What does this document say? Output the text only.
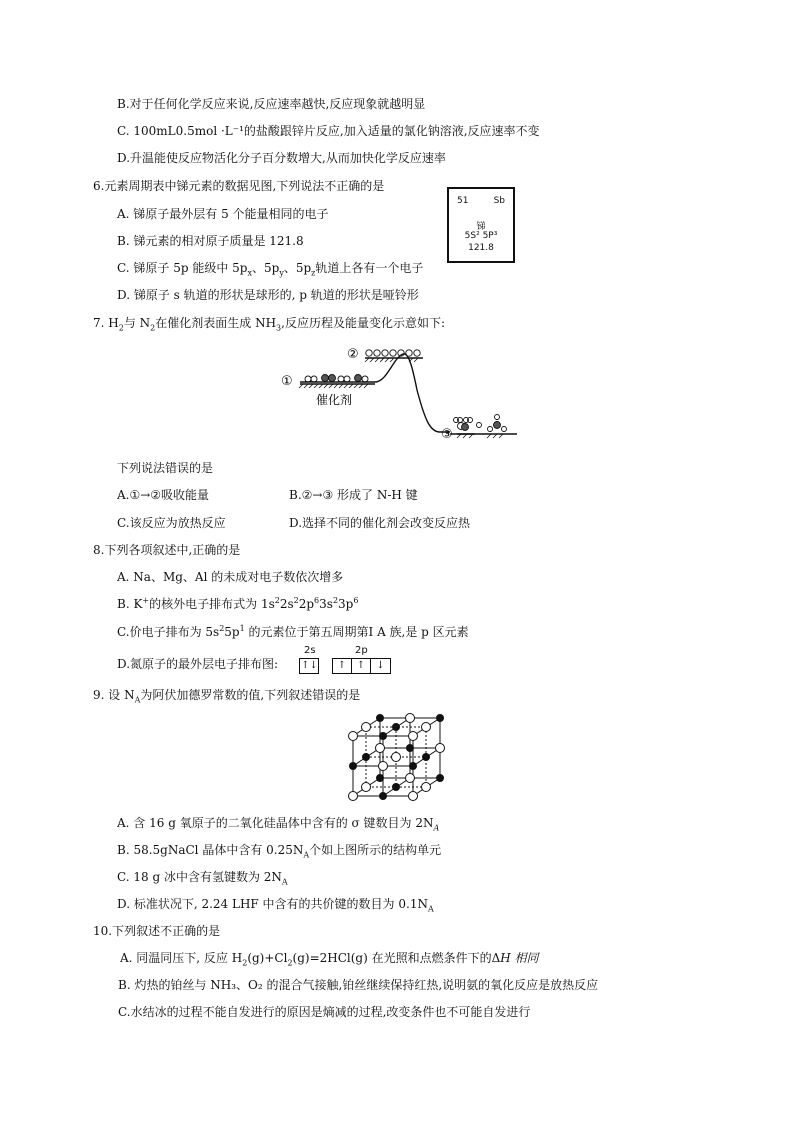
B.对于任何化学反应来说,反应速率越快,反应现象就越明显
C. 100mL0.5mol ·L⁻¹的盐酸跟锌片反应,加入适量的氯化钠溶液,反应速率不变
D.升温能使反应物活化分子百分数增大,从而加快化学反应速率
6.元素周期表中锑元素的数据见图,下列说法不正确的是
A. 锑原子最外层有 5 个能量相同的电子
B. 锑元素的相对原子质量是 121.8
C. 锑原子 5p 能级中 $5p_x$、$5p_y$、$5p_z$轨道上各有一个电子
D. 锑原子 s 轨道的形状是球形的, p 轨道的形状是哑铃形
51	Sb
锑
5S² 5P³
121.8
7. $H_2$与 $N_2$在催化剂表面生成 $NH_3$,反应历程及能量变化示意如下:
①
②
③
催化剂
下列说法错误的是
A.①→②吸收能量	B.②→③ 形成了 N-H 键
C.该反应为放热反应	D.选择不同的催化剂会改变反应热
8.下列各项叙述中,正确的是
A. Na、Mg、Al 的未成对电子数依次增多
B. K+的核外电子排布式为 $1s^22s^22p^63s^23p^6$
C.价电子排布为 $5s^25p^1$ 的元素位于第五周期第Ⅰ A 族,是 p 区元素
D.氮原子的最外层电子排布图:
2s	2p
↑↓	↑	↑	↓
9. 设 $N_A$为阿伏加德罗常数的值,下列叙述错误的是
A. 含 16 g 氧原子的二氧化硅晶体中含有的 σ 键数目为 $2N_A$
B. 58.5gNaCl 晶体中含有 $0.25N_A$个如上图所示的结构单元
C. 18 g 冰中含有氢键数为 $2N_A$
D. 标准状况下, 2.24 LHF 中含有的共价键的数目为 $0.1N_A$
10.下列叙述不正确的是
A. 同温同压下, 反应 $H_2(g)+Cl_2(g)=2HCl(g)$ 在光照和点燃条件下的ΔH 相同
B. 灼热的铂丝与 NH₃、O₂ 的混合气接触,铂丝继续保持红热,说明氨的氧化反应是放热反应
C.水结冰的过程不能自发进行的原因是熵减的过程,改变条件也不可能自发进行
